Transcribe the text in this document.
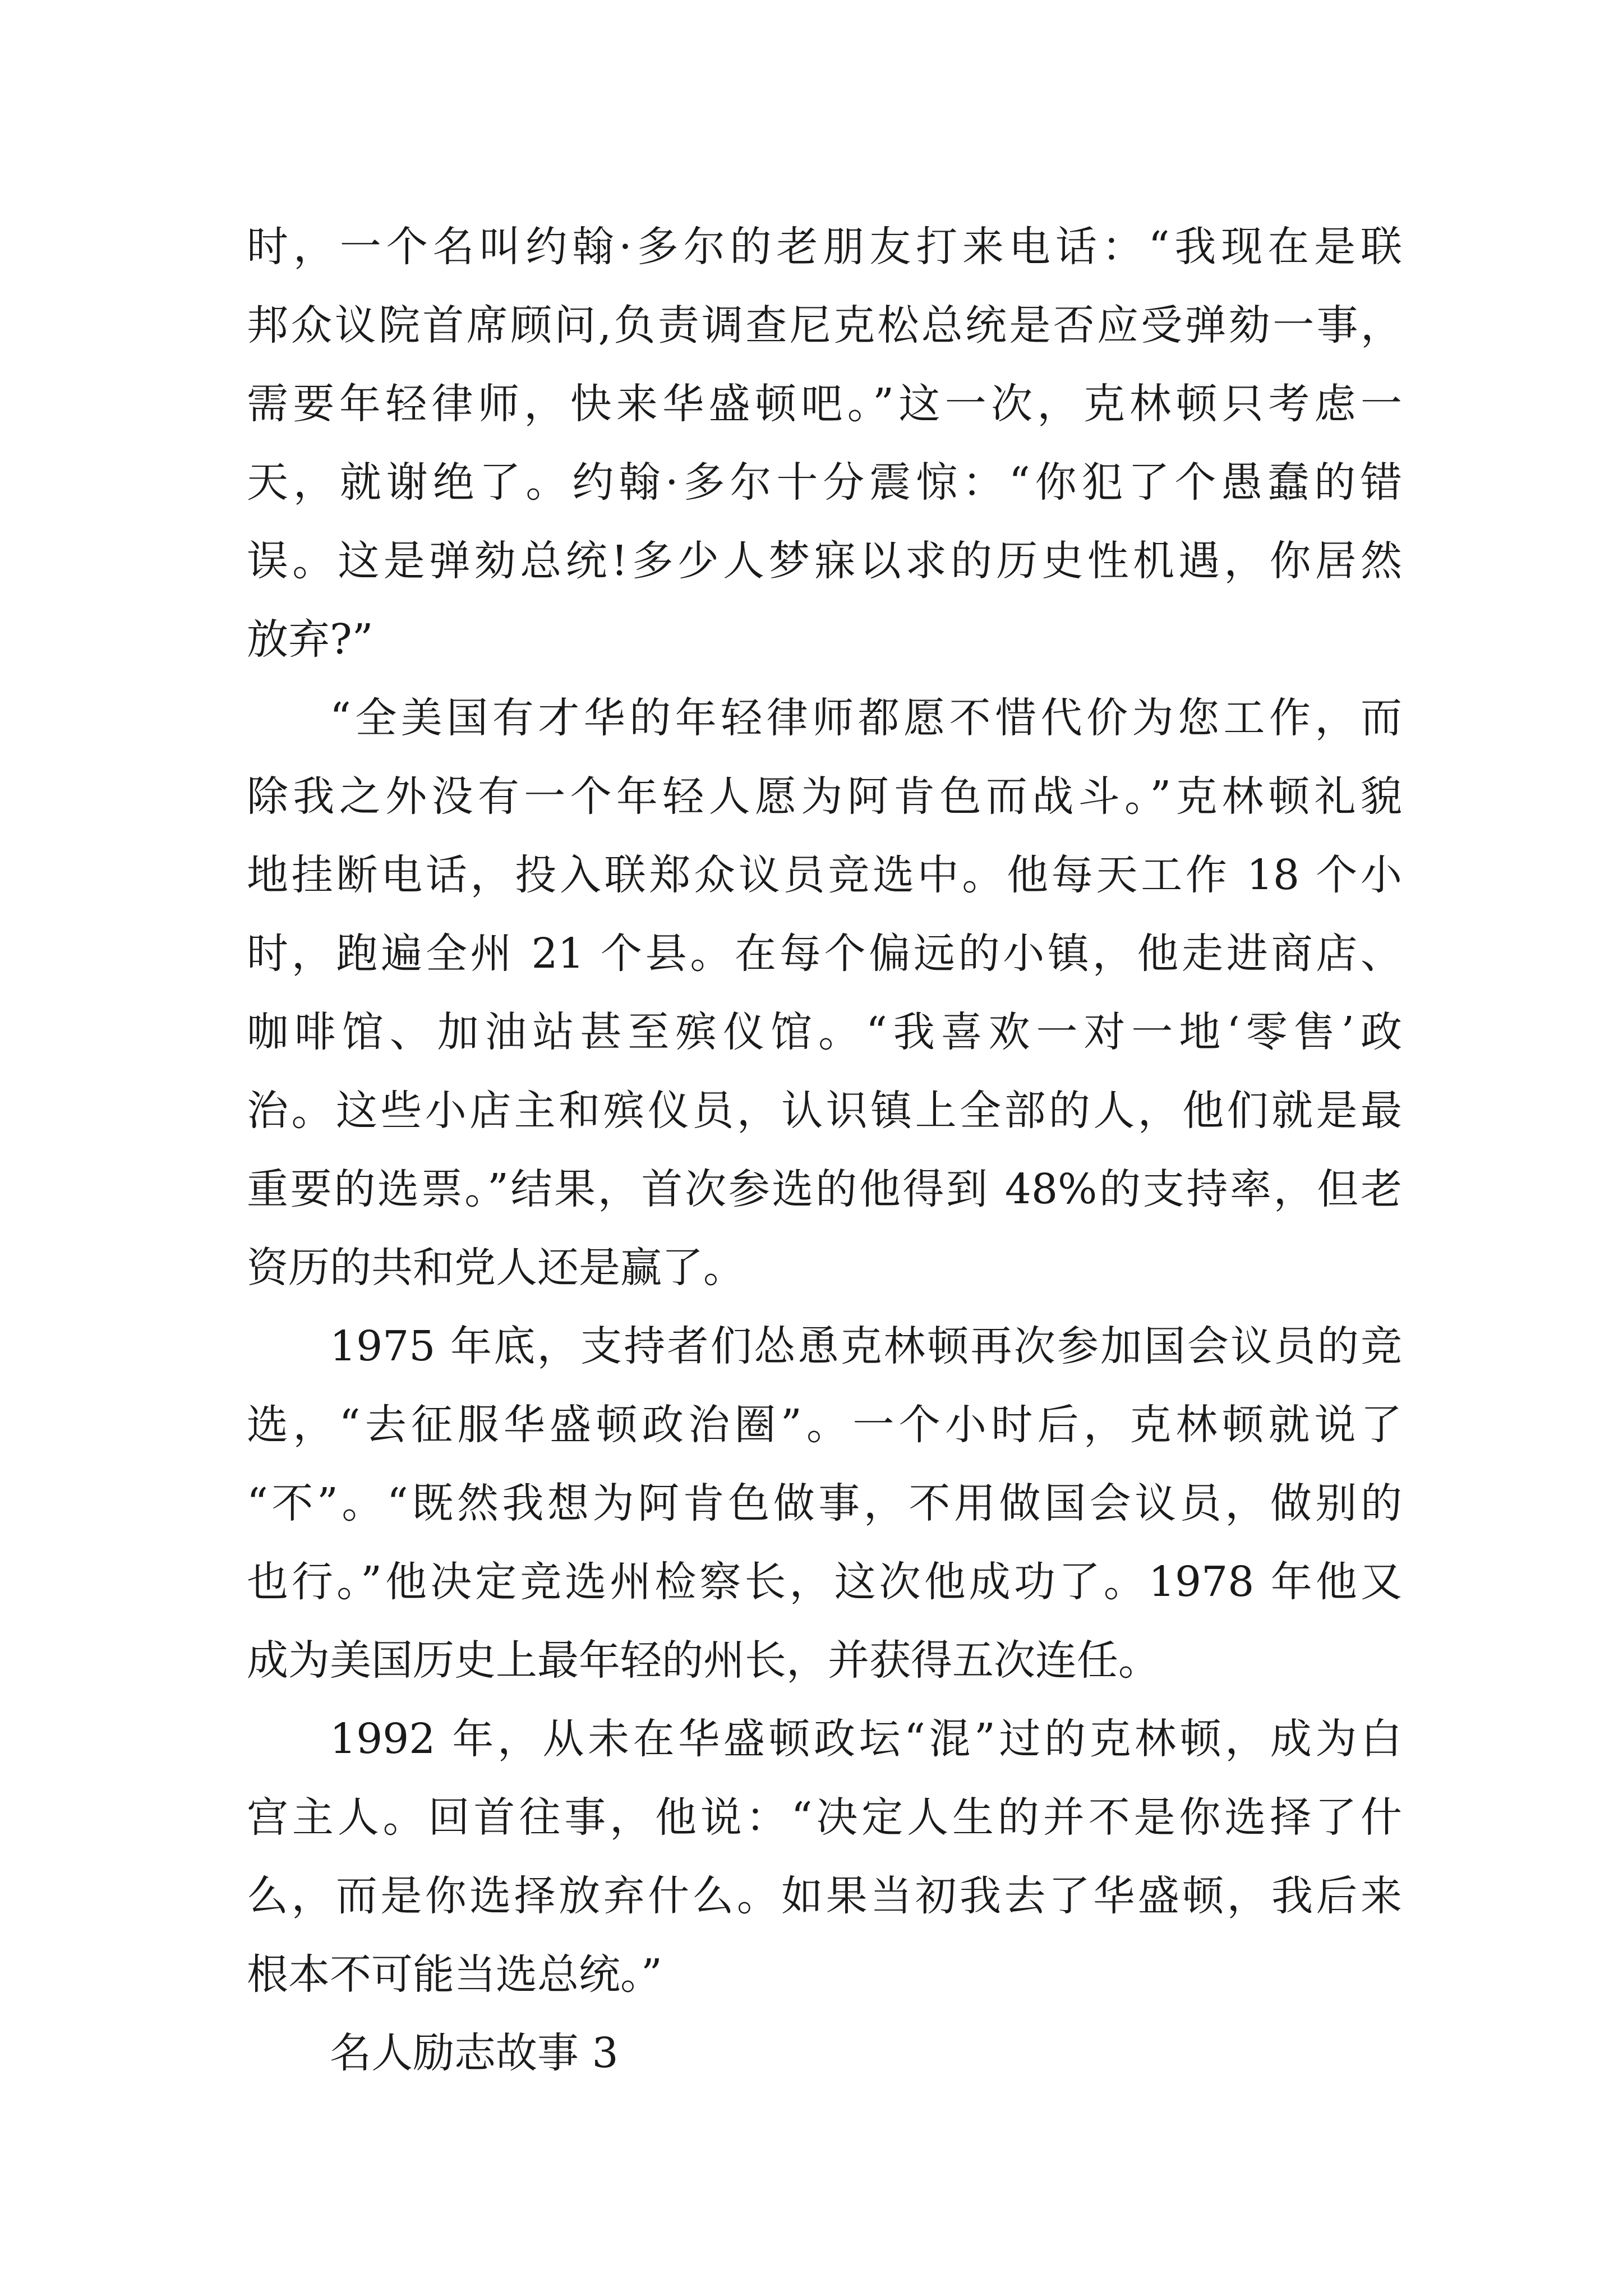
时，一个名叫约翰·多尔的老朋友打来电话：“我现在是联
邦众议院首席顾问,负责调查尼克松总统是否应受弹劾一事，
需要年轻律师，快来华盛顿吧。”这一次，克林顿只考虑一
天，就谢绝了。约翰·多尔十分震惊：“你犯了个愚蠢的错
误。这是弹劾总统!多少人梦寐以求的历史性机遇，你居然
放弃?”
“全美国有才华的年轻律师都愿不惜代价为您工作，而
除我之外没有一个年轻人愿为阿肯色而战斗。”克林顿礼貌
地挂断电话，投入联郑众议员竞选中。他每天工作 18 个小
时，跑遍全州 21 个县。在每个偏远的小镇，他走进商店、
咖啡馆、加油站甚至殡仪馆。“我喜欢一对一地‘零售’政
治。这些小店主和殡仪员，认识镇上全部的人，他们就是最
重要的选票。”结果，首次参选的他得到 48%的支持率，但老
资历的共和党人还是赢了。
1975 年底，支持者们怂恿克林顿再次参加国会议员的竞
选，“去征服华盛顿政治圈”。一个小时后，克林顿就说了
“不”。“既然我想为阿肯色做事，不用做国会议员，做别的
也行。”他决定竞选州检察长，这次他成功了。1978 年他又
成为美国历史上最年轻的州长，并获得五次连任。
1992 年，从未在华盛顿政坛“混”过的克林顿，成为白
宫主人。回首往事，他说：“决定人生的并不是你选择了什
么，而是你选择放弃什么。如果当初我去了华盛顿，我后来
根本不可能当选总统。”
名人励志故事 3
